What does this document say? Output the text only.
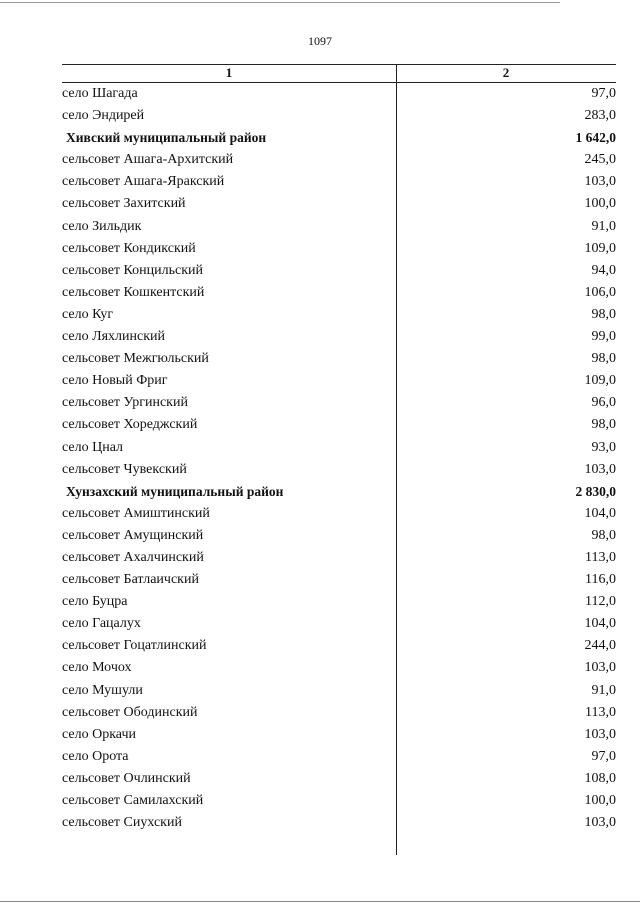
1097
1	2
село Шагада	97,0
село Эндирей	283,0
Хивский муниципальный район	1 642,0
сельсовет Ашага-Архитский	245,0
сельсовет Ашага-Яракский	103,0
сельсовет Захитский	100,0
село Зильдик	91,0
сельсовет Кондикский	109,0
сельсовет Концильский	94,0
сельсовет Кошкентский	106,0
село Куг	98,0
село Ляхлинский	99,0
сельсовет Межгюльский	98,0
село Новый Фриг	109,0
сельсовет Ургинский	96,0
сельсовет Хореджский	98,0
село Цнал	93,0
сельсовет Чувекский	103,0
Хунзахский муниципальный район	2 830,0
сельсовет Амиштинский	104,0
сельсовет Амущинский	98,0
сельсовет Ахалчинский	113,0
сельсовет Батлаичский	116,0
село Буцра	112,0
село Гацалух	104,0
сельсовет Гоцатлинский	244,0
село Мочох	103,0
село Мушули	91,0
сельсовет Ободинский	113,0
село Оркачи	103,0
село Орота	97,0
сельсовет Очлинский	108,0
сельсовет Самилахский	100,0
сельсовет Сиухский	103,0
